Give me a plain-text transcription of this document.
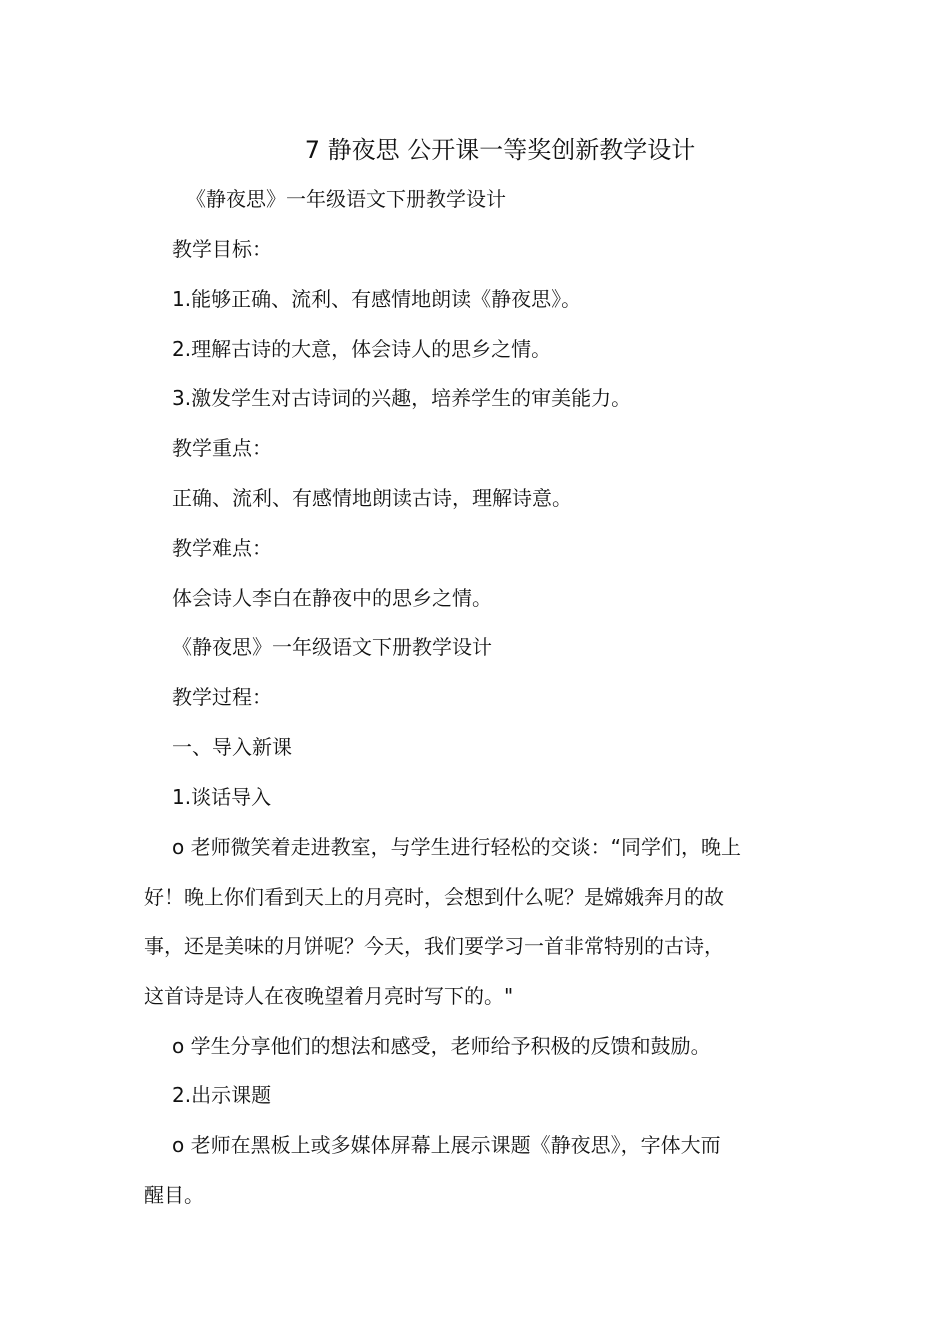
7 静夜思 公开课一等奖创新教学设计
《静夜思》一年级语文下册教学设计
教学目标：
1.能够正确、流利、有感情地朗读《静夜思》。
2.理解古诗的大意，体会诗人的思乡之情。
3.激发学生对古诗词的兴趣，培养学生的审美能力。
教学重点：
正确、流利、有感情地朗读古诗，理解诗意。
教学难点：
体会诗人李白在静夜中的思乡之情。
《静夜思》一年级语文下册教学设计
教学过程：
一、导入新课
1.谈话导入
o 老师微笑着走进教室，与学生进行轻松的交谈：“同学们，晚上
好！晚上你们看到天上的月亮时，会想到什么呢？是嫦娥奔月的故
事，还是美味的月饼呢？今天，我们要学习一首非常特别的古诗，
这首诗是诗人在夜晚望着月亮时写下的。"
o 学生分享他们的想法和感受，老师给予积极的反馈和鼓励。
2.出示课题
o 老师在黑板上或多媒体屏幕上展示课题《静夜思》，字体大而
醒目。
